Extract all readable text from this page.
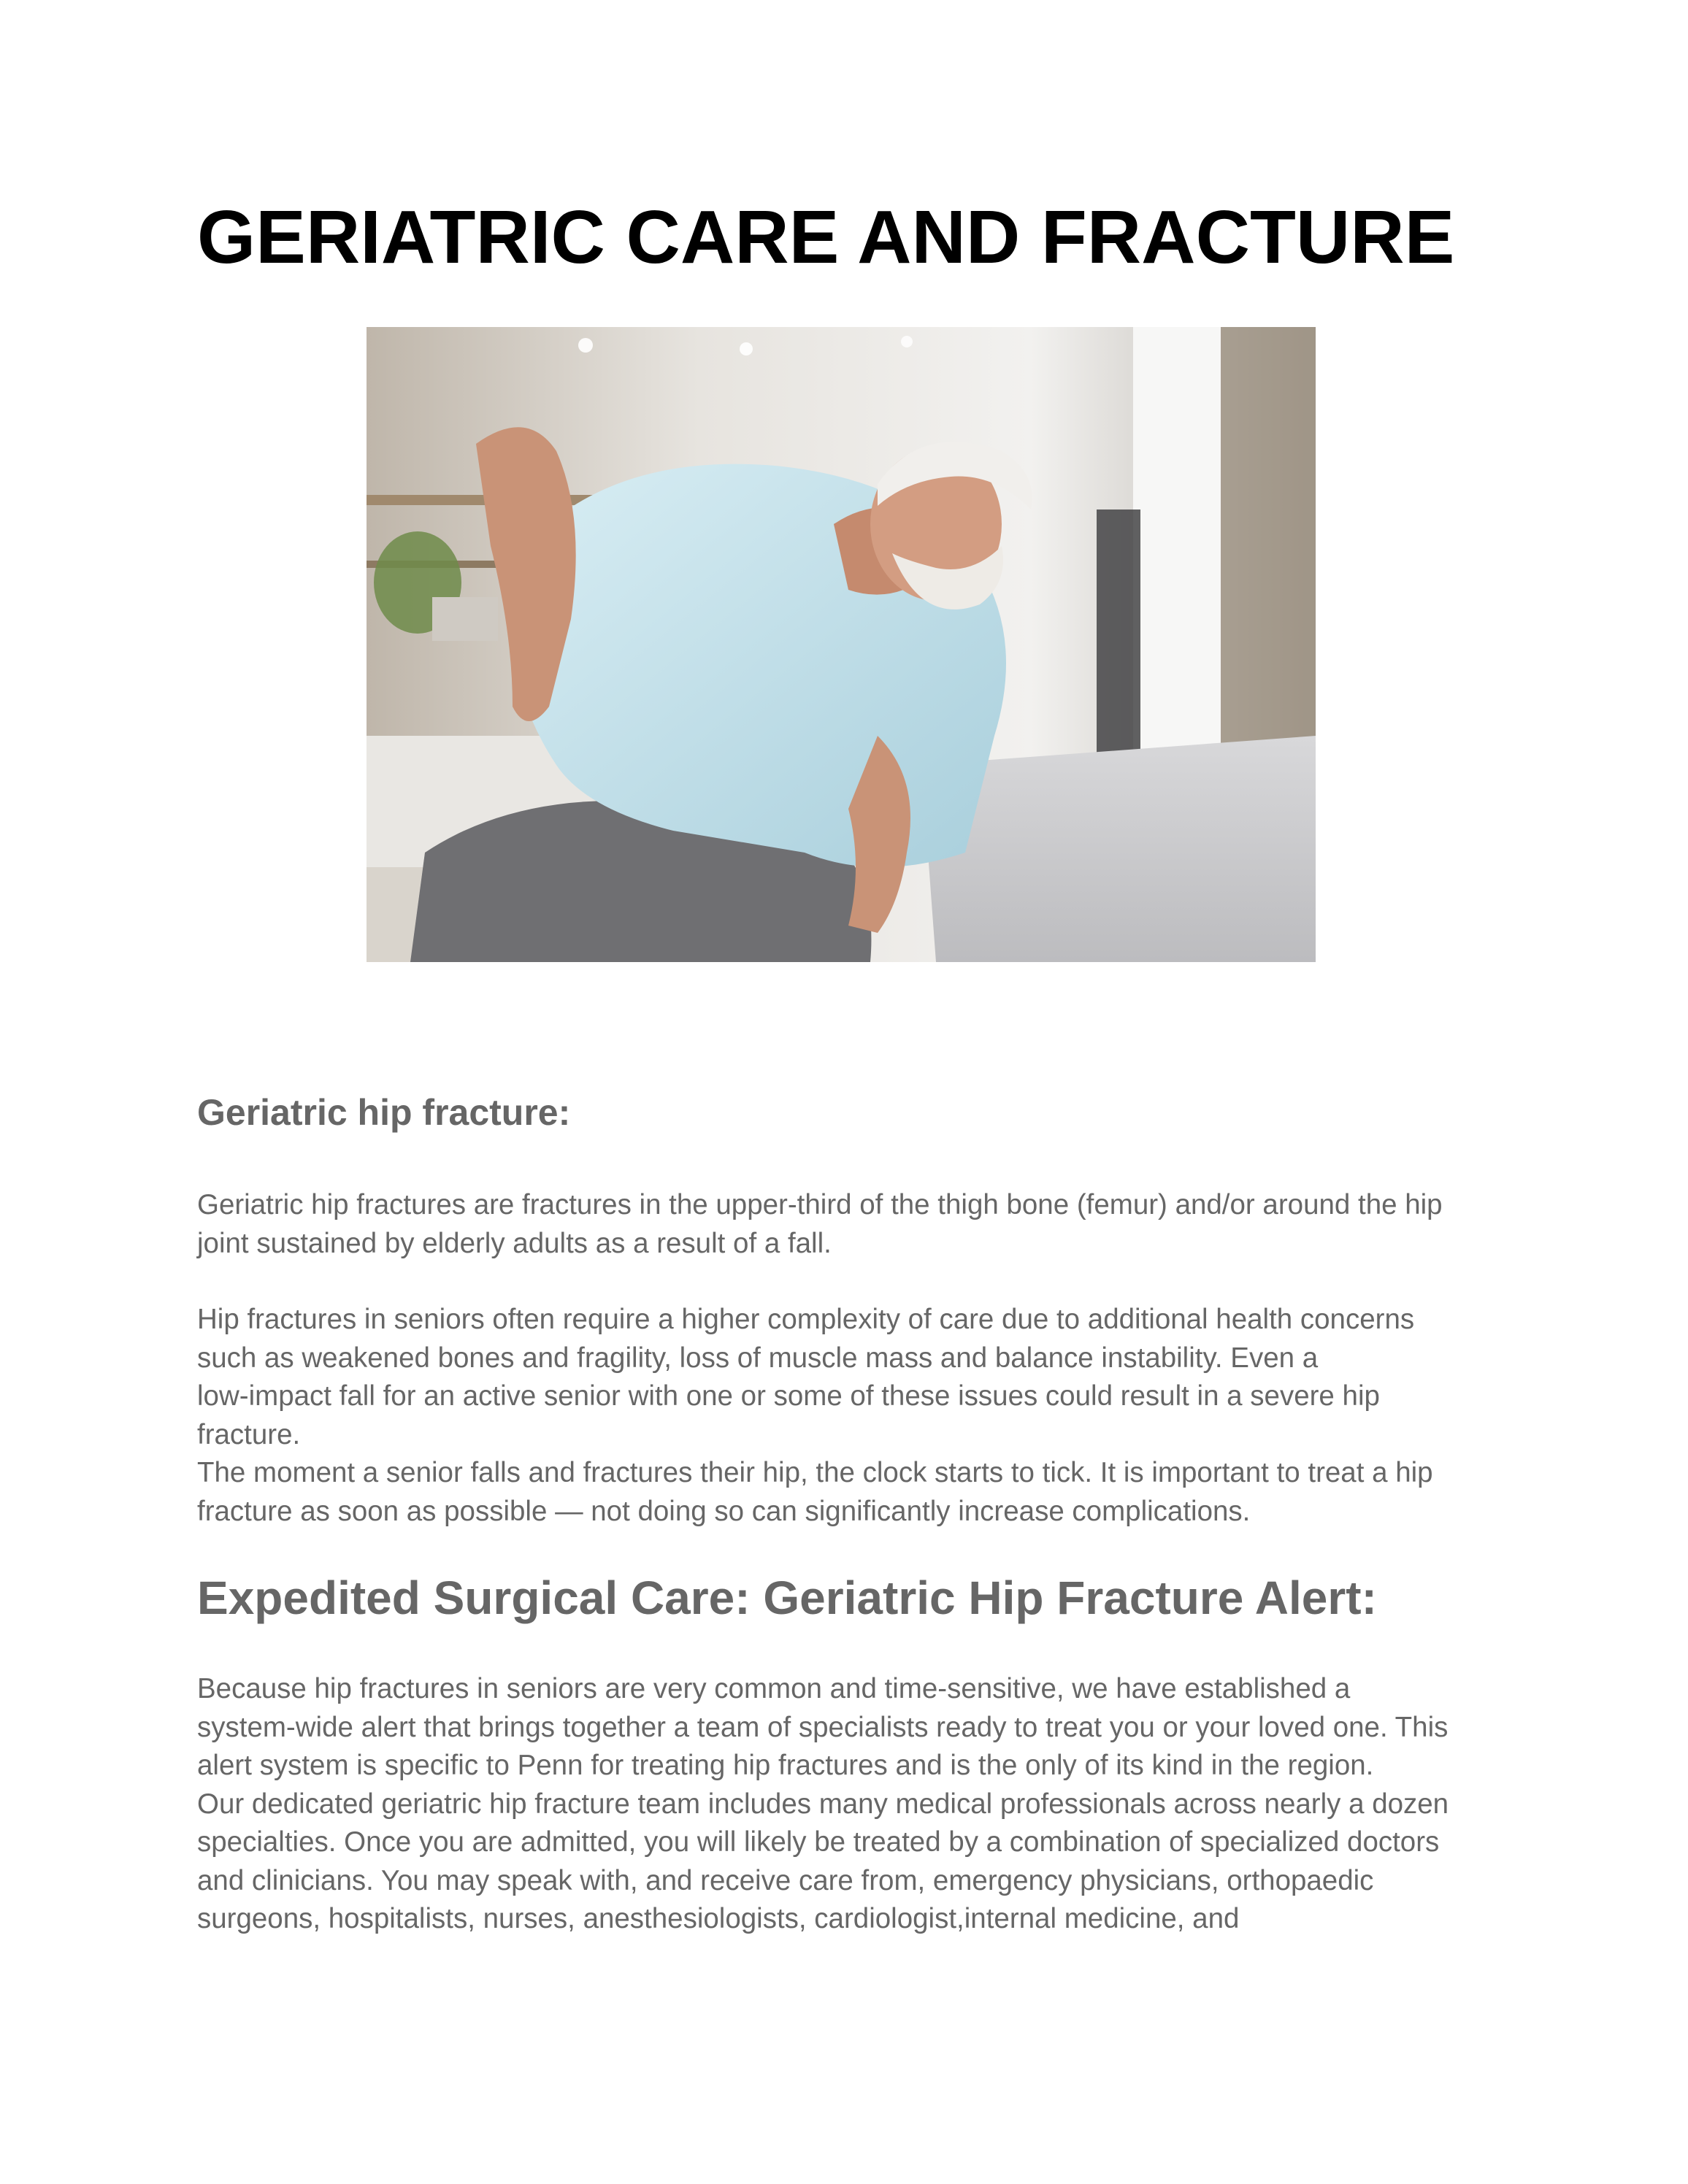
GERIATRIC CARE AND FRACTURE
Geriatric hip fracture:
Geriatric hip fractures are fractures in the upper-third of the thigh bone (femur) and/or around the hip
joint sustained by elderly adults as a result of a fall.
Hip fractures in seniors often require a higher complexity of care due to additional health concerns
such as weakened bones and fragility, loss of muscle mass and balance instability. Even a
low-impact fall for an active senior with one or some of these issues could result in a severe hip
fracture.
The moment a senior falls and fractures their hip, the clock starts to tick. It is important to treat a hip
fracture as soon as possible — not doing so can significantly increase complications.
Expedited Surgical Care: Geriatric Hip Fracture Alert:
Because hip fractures in seniors are very common and time-sensitive, we have established a
system-wide alert that brings together a team of specialists ready to treat you or your loved one. This
alert system is specific to Penn for treating hip fractures and is the only of its kind in the region.
Our dedicated geriatric hip fracture team includes many medical professionals across nearly a dozen
specialties. Once you are admitted, you will likely be treated by a combination of specialized doctors
and clinicians. You may speak with, and receive care from, emergency physicians, orthopaedic
surgeons, hospitalists, nurses, anesthesiologists, cardiologist,internal medicine, and
